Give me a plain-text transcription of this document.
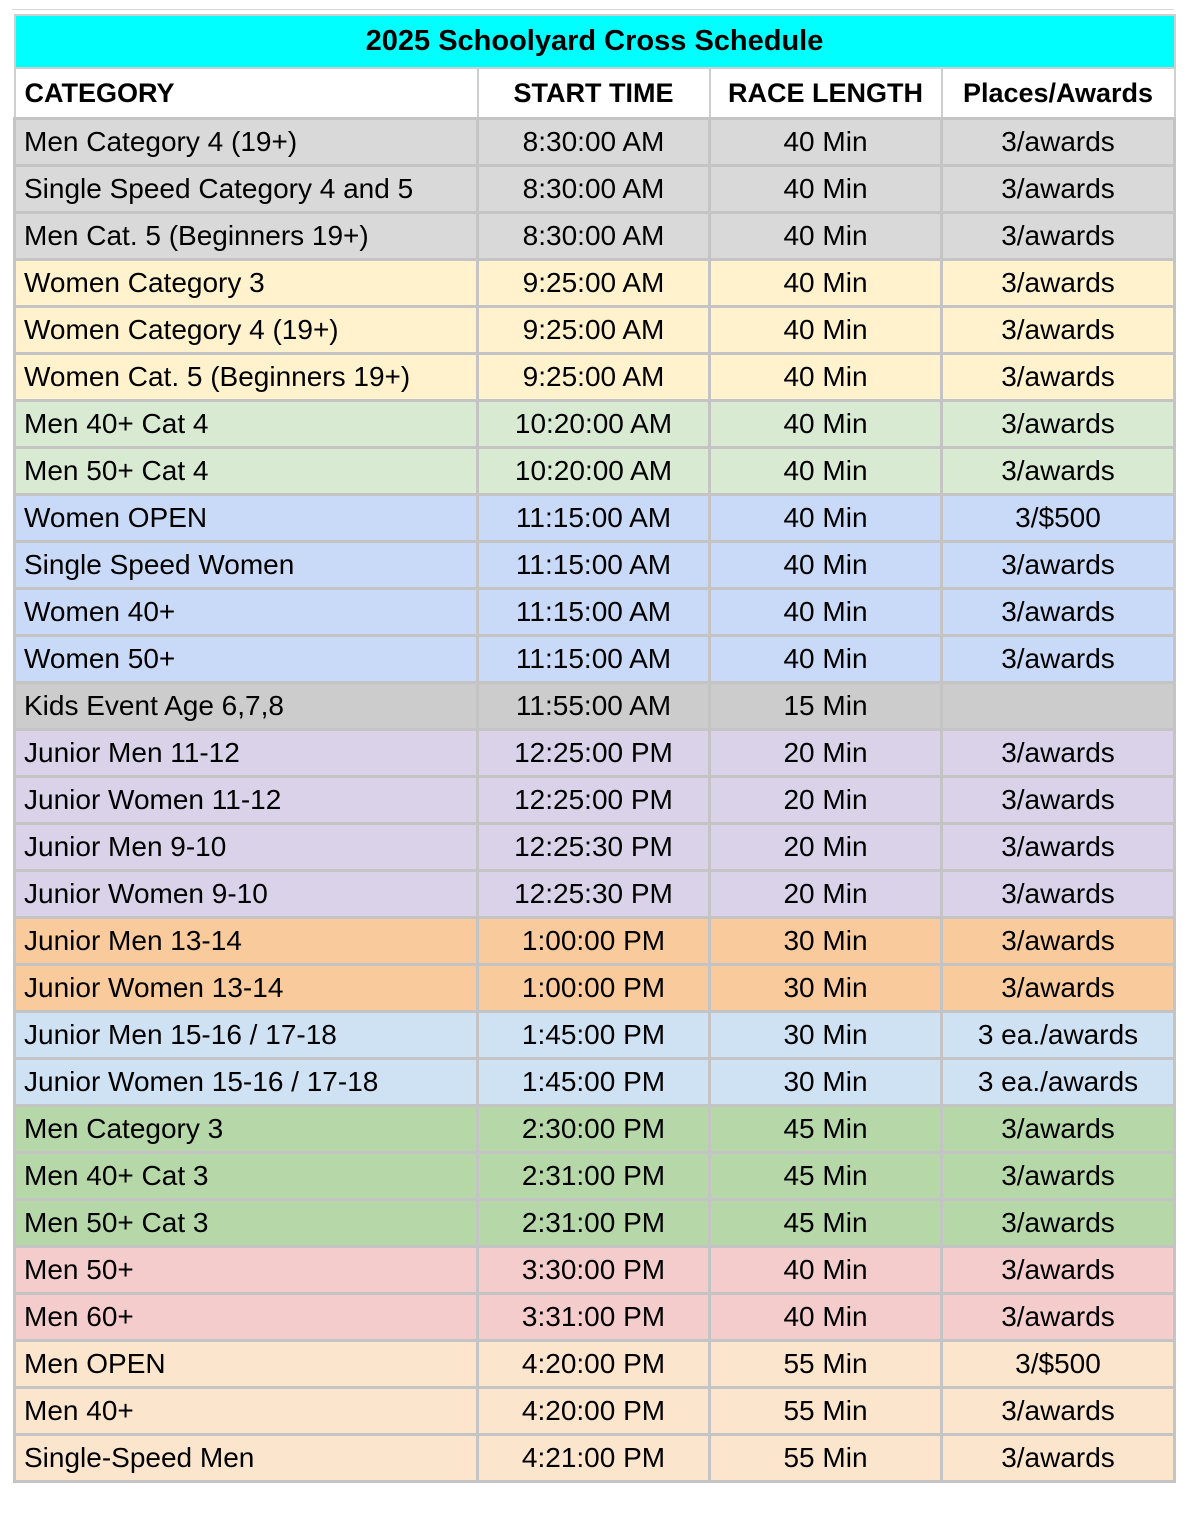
2025 Schoolyard Cross Schedule			
CATEGORY	START TIME	RACE LENGTH	Places/Awards
Men Category 4 (19+)	8:30:00 AM	40 Min	3/awards
Single Speed Category 4 and 5	8:30:00 AM	40 Min	3/awards
Men Cat. 5 (Beginners 19+)	8:30:00 AM	40 Min	3/awards
Women Category 3	9:25:00 AM	40 Min	3/awards
Women Category 4 (19+)	9:25:00 AM	40 Min	3/awards
Women Cat. 5 (Beginners 19+)	9:25:00 AM	40 Min	3/awards
Men 40+ Cat 4	10:20:00 AM	40 Min	3/awards
Men 50+ Cat 4	10:20:00 AM	40 Min	3/awards
Women OPEN	11:15:00 AM	40 Min	3/$500
Single Speed Women	11:15:00 AM	40 Min	3/awards
Women 40+	11:15:00 AM	40 Min	3/awards
Women 50+	11:15:00 AM	40 Min	3/awards
Kids Event Age 6,7,8	11:55:00 AM	15 Min	
Junior Men 11-12	12:25:00 PM	20 Min	3/awards
Junior Women 11-12	12:25:00 PM	20 Min	3/awards
Junior Men 9-10	12:25:30 PM	20 Min	3/awards
Junior Women 9-10	12:25:30 PM	20 Min	3/awards
Junior Men 13-14	1:00:00 PM	30 Min	3/awards
Junior Women 13-14	1:00:00 PM	30 Min	3/awards
Junior Men 15-16 / 17-18	1:45:00 PM	30 Min	3 ea./awards
Junior Women 15-16 / 17-18	1:45:00 PM	30 Min	3 ea./awards
Men Category 3	2:30:00 PM	45 Min	3/awards
Men 40+ Cat 3	2:31:00 PM	45 Min	3/awards
Men 50+ Cat 3	2:31:00 PM	45 Min	3/awards
Men 50+	3:30:00 PM	40 Min	3/awards
Men 60+	3:31:00 PM	40 Min	3/awards
Men OPEN	4:20:00 PM	55 Min	3/$500
Men 40+	4:20:00 PM	55 Min	3/awards
Single-Speed Men	4:21:00 PM	55 Min	3/awards
